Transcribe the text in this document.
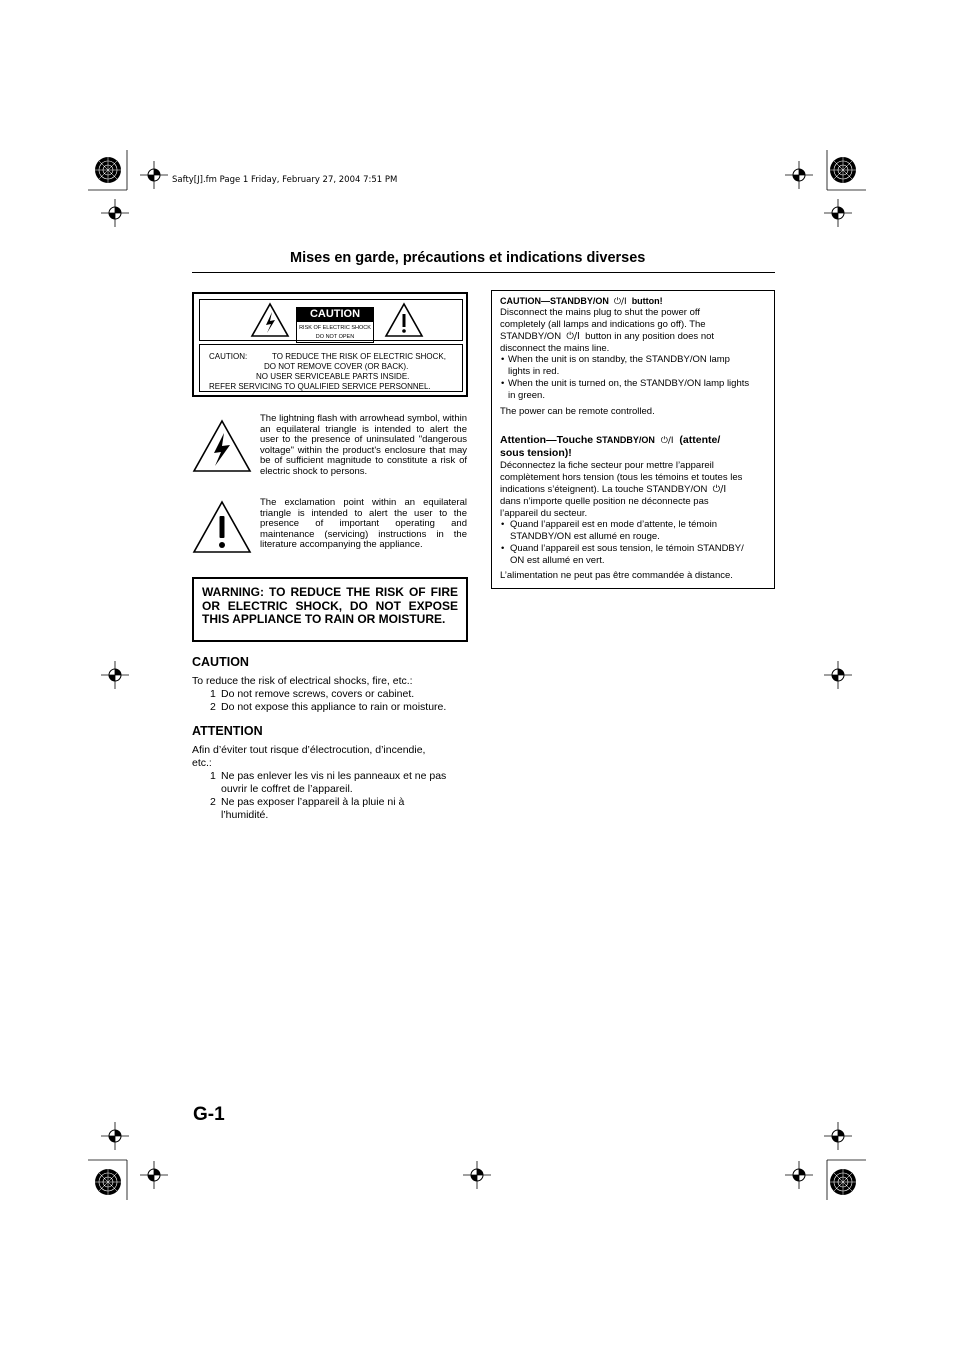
Safty[J].fm Page 1 Friday, February 27, 2004 7:51 PM
Mises en garde, précautions et indications diverses
CAUTION
RISK OF ELECTRIC SHOCK
DO NOT OPEN
CAUTION:	TO REDUCE THE RISK OF ELECTRIC SHOCK,
DO NOT REMOVE COVER (OR BACK).
NO USER SERVICEABLE PARTS INSIDE.
REFER SERVICING TO QUALIFIED SERVICE PERSONNEL.
The lightning flash with arrowhead symbol, within an equilateral triangle is intended to alert the user to the presence of uninsulated "dangerous voltage" within the product's enclosure that may be of sufficient magnitude to constitute a risk of electric shock to persons.
The exclamation point within an equilateral triangle is intended to alert the user to the presence of important operating and maintenance (servicing) instructions in the literature accompanying the appliance.
WARNING: TO REDUCE THE RISK OF FIRE OR ELECTRIC SHOCK, DO NOT EXPOSE THIS APPLIANCE TO RAIN OR MOISTURE.
CAUTION
To reduce the risk of electrical shocks, fire, etc.:
1 Do not remove screws, covers or cabinet.
2 Do not expose this appliance to rain or moisture.
ATTENTION
Afin d’éviter tout risque d’électrocution, d’incendie,
etc.:
1 Ne pas enlever les vis ni les panneaux et ne pas
ouvrir le coffret de l’appareil.
2 Ne pas exposer l’appareil à la pluie ni à
l’humidité.
CAUTION—STANDBY/ON ⏻/I button!
Disconnect the mains plug to shut the power off
completely (all lamps and indications go off). The
STANDBY/ON ⏻/I button in any position does not
disconnect the mains line.
• When the unit is on standby, the STANDBY/ON lamp
lights in red.
• When the unit is turned on, the STANDBY/ON lamp lights
in green.
The power can be remote controlled.
Attention—Touche STANDBY/ON ⏻/I (attente/
sous tension)!
Déconnectez la fiche secteur pour mettre l’appareil
complètement hors tension (tous les témoins et toutes les
indications s’éteignent). La touche STANDBY/ON ⏻/I
dans n’importe quelle position ne déconnecte pas
l’appareil du secteur.
• Quand l’appareil est en mode d’attente, le témoin
STANDBY/ON est allumé en rouge.
• Quand l’appareil est sous tension, le témoin STANDBY/
ON est allumé en vert.
L’alimentation ne peut pas être commandée à distance.
G-1
